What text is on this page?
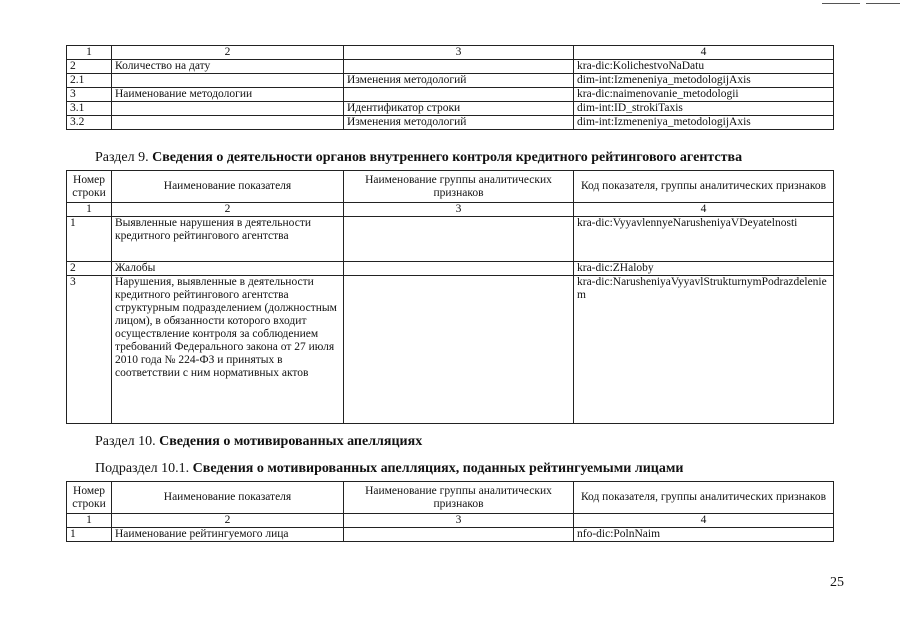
1	2	3	4
2	Количество на дату		kra-dic:KolichestvoNaDatu
2.1		Изменения методологий	dim-int:Izmeneniya_metodologijAxis
3	Наименование методологии		kra-dic:naimenovanie_metodologii
3.1		Идентификатор строки	dim-int:ID_strokiTaxis
3.2		Изменения методологий	dim-int:Izmeneniya_metodologijAxis
Раздел 9. Сведения о деятельности органов внутреннего контроля кредитного рейтингового агентства
Номер строки	Наименование показателя	Наименование группы аналитических признаков	Код показателя, группы аналитических признаков
1	2	3	4
1	Выявленные нарушения в деятельности кредитного рейтингового агентства		kra-dic:VyyavlennyeNarusheniyaVDeyatelnosti
2	Жалобы		kra-dic:ZHaloby
3	Нарушения, выявленные в деятельности кредитного рейтингового агентства структурным подразделением (должностным лицом), в обязанности которого входит осуществление контроля за соблюдением требований Федерального закона от 27 июля 2010 года № 224-ФЗ и принятых в соответствии с ним нормативных актов		kra-dic:NarusheniyaVyyavlStrukturnymPodrazdeleniem
Раздел 10. Сведения о мотивированных апелляциях
Подраздел 10.1. Сведения о мотивированных апелляциях, поданных рейтингуемыми лицами
Номер строки	Наименование показателя	Наименование группы аналитических признаков	Код показателя, группы аналитических признаков
1	2	3	4
1	Наименование рейтингуемого лица		nfo-dic:PolnNaim
25
